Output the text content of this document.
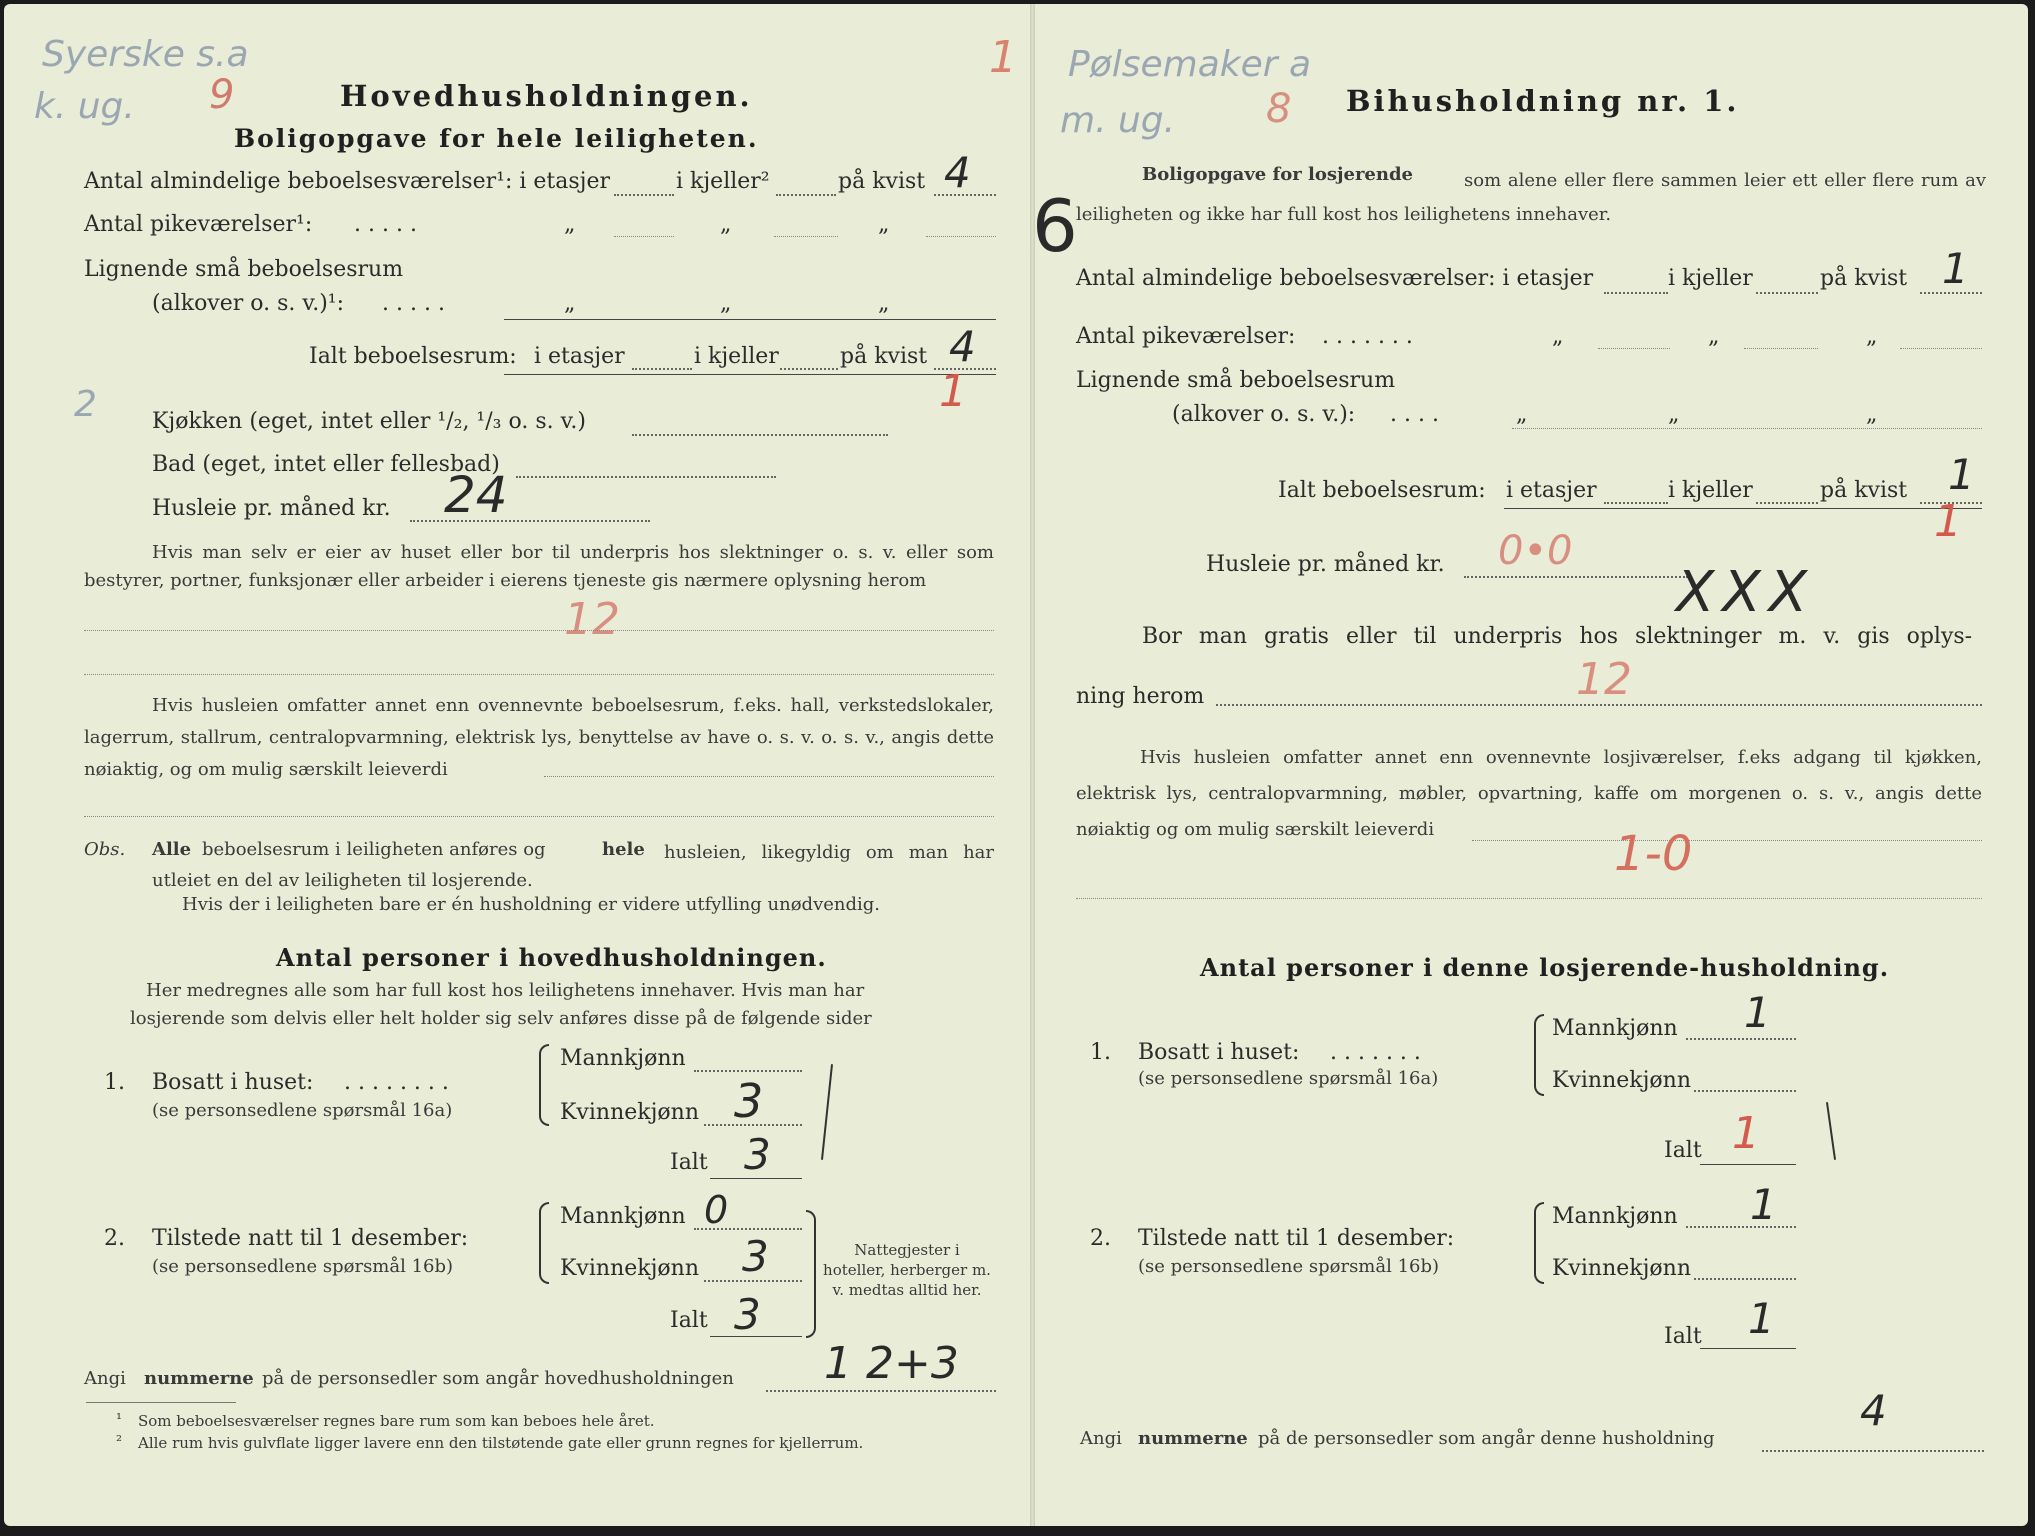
Syerske s.a
k. ug. 9
1
Hovedhusholdningen.
Boligopgave for hele leiligheten.
Antal almindelige beboelsesværelser¹: i etasjer	i kjeller²	på kvist 4
Antal pikeværelser¹: . . . . .	„	„	„
Lignende små beboelsesrum
(alkover o. s. v.)¹: . . . . .	„	„	„
Ialt beboelsesrum: i etasjer	i kjeller	på kvist 4
1
2	Kjøkken (eget, intet eller ¹/₂, ¹/₃ o. s. v.)
Bad (eget, intet eller fellesbad)
Husleie pr. måned kr. 24
Hvis man selv er eier av huset eller bor til underpris hos slektninger o. s. v. eller som bestyrer, portner, funksjonær eller arbeider i eierens tjeneste gis nærmere oplysning herom
12
Hvis husleien omfatter annet enn ovennevnte beboelsesrum, f.eks. hall, verkstedslokaler, lagerrum, stallrum, centralopvarmning, elektrisk lys, benyttelse av have o. s. v. o. s. v., angis dette nøiaktig, og om mulig særskilt leieverdi
Obs. Alle beboelsesrum i leiligheten anføres og	hele	husleien, likegyldig om man har utleiet en del av leiligheten til losjerende.
Hvis der i leiligheten bare er én husholdning er videre utfylling unødvendig.
Antal personer i hovedhusholdningen.
Her medregnes alle som har full kost hos leilighetens innehaver. Hvis man har
losjerende som delvis eller helt holder sig selv anføres disse på de følgende sider
1. Bosatt i huset: . . . . . . . .
(se personsedlene spørsmål 16a)
Mannkjønn
Kvinnekjønn 3
Ialt 3
2. Tilstede natt til 1 desember:
(se personsedlene spørsmål 16b)
Mannkjønn 0
Kvinnekjønn 3
Ialt 3
Nattegjester i hoteller, herberger m. v. medtas alltid her.
Angi nummerne på de personsedler som angår hovedhusholdningen 1 2+3
¹ Som beboelsesværelser regnes bare rum som kan beboes hele året.
² Alle rum hvis gulvflate ligger lavere enn den tilstøtende gate eller grunn regnes for kjellerrum.
Pølsemaker a
m. ug. 8
6
Bihusholdning nr. 1.
Boligopgave for losjerende	som alene eller flere sammen leier ett eller flere rum av leiligheten og ikke har full kost hos leilighetens innehaver.
Antal almindelige beboelsesværelser: i etasjer	i kjeller	på kvist 1
Antal pikeværelser: . . . . . . .	„	„	„
Lignende små beboelsesrum
(alkover o. s. v.): . . . .	„	„	„
Ialt beboelsesrum: i etasjer	i kjeller	på kvist 1
1
Husleie pr. måned kr. 0•0
XXX
Bor man gratis eller til underpris hos slektninger m. v. gis oplys-
ning herom	12
Hvis husleien omfatter annet enn ovennevnte losjiværelser, f.eks adgang til kjøkken, elektrisk lys, centralopvarmning, møbler, opvartning, kaffe om morgenen o. s. v., angis dette nøiaktig og om mulig særskilt leieverdi	1-0
Antal personer i denne losjerende-husholdning.
1. Bosatt i huset: . . . . . . .
(se personsedlene spørsmål 16a)
Mannkjønn 1
Kvinnekjønn
Ialt 1
2. Tilstede natt til 1 desember:
(se personsedlene spørsmål 16b)
Mannkjønn 1
Kvinnekjønn
Ialt 1
4
Angi nummerne på de personsedler som angår denne husholdning
